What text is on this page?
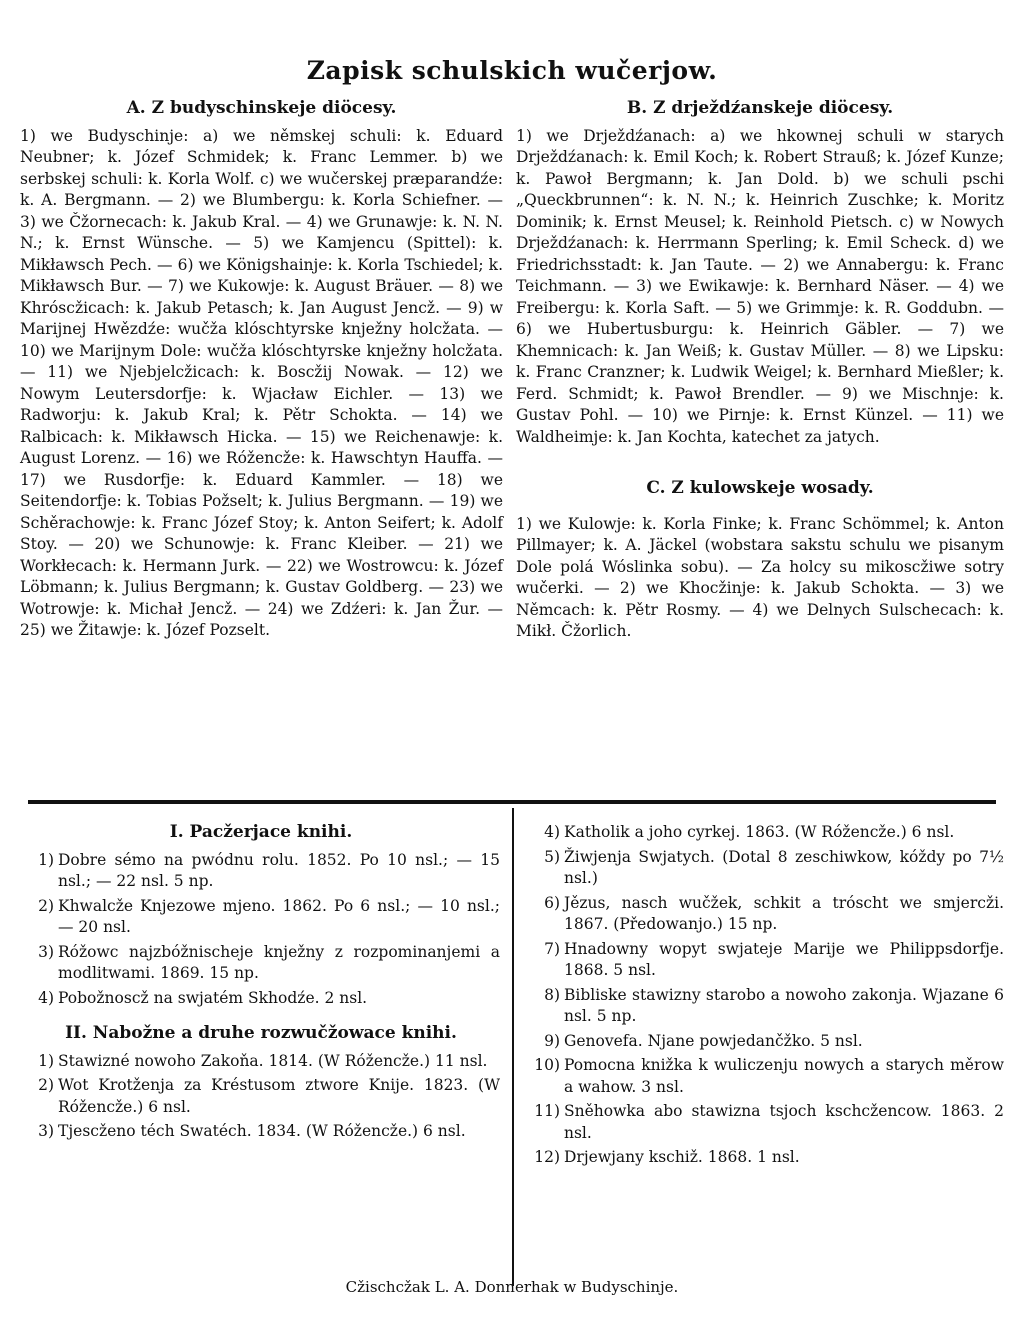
Zapisk schulskich wučerjow.
A. Z budyschinskeje diöcesy.

1) we Budyschinje: a) we němskej schuli: k. Eduard Neubner; k. Józef Schmidek; k. Franc Lemmer. b) we serbskej schuli: k. Korla Wolf. c) we wučerskej præparandźe: k. A. Bergmann. — 2) we Blumbergu: k. Korla Schiefner. — 3) we Čžornecach: k. Jakub Kral. — 4) we Grunawje: k. N. N. N.; k. Ernst Wünsche. — 5) we Kamjencu (Spittel): k. Mikławsch Pech. — 6) we Königshainje: k. Korla Tschiedel; k. Mikławsch Bur. — 7) we Kukowje: k. August Bräuer. — 8) we Khróscžicach: k. Jakub Petasch; k. Jan August Jencž. — 9) w Marijnej Hwězdźe: wučža klóschtyrske knježny holcžata. — 10) we Marijnym Dole: wučža klóschtyrske knježny holcžata. — 11) we Njebjelcžicach: k. Boscžij Nowak. — 12) we Nowym Leutersdorfje: k. Wjacław Eichler. — 13) we Radworju: k. Jakub Kral; k. Pětr Schokta. — 14) we Ralbicach: k. Mikławsch Hicka. — 15) we Reichenawje: k. August Lorenz. — 16) we Róžencže: k. Hawschtyn Hauffa. — 17) we Rusdorfje: k. Eduard Kammler. — 18) we Seitendorfje: k. Tobias Požselt; k. Julius Bergmann. — 19) we Schěrachowje: k. Franc Józef Stoy; k. Anton Seifert; k. Adolf Stoy. — 20) we Schunowje: k. Franc Kleiber. — 21) we Workłecach: k. Hermann Jurk. — 22) we Wostrowcu: k. Józef Löbmann; k. Julius Bergmann; k. Gustav Goldberg. — 23) we Wotrowje: k. Michał Jencž. — 24) we Zdźeri: k. Jan Žur. — 25) we Žitawje: k. Józef Pozselt.

B. Z drježdźanskeje diöcesy.

1) we Drježdźanach: a) we hkownej schuli w starych Drježdźanach: k. Emil Koch; k. Robert Strauß; k. Józef Kunze; k. Pawoł Bergmann; k. Jan Dold. b) we schuli pschi „Queckbrunnen“: k. N. N.; k. Heinrich Zuschke; k. Moritz Dominik; k. Ernst Meusel; k. Reinhold Pietsch. c) w Nowych Drježdźanach: k. Herrmann Sperling; k. Emil Scheck. d) we Friedrichsstadt: k. Jan Taute. — 2) we Annabergu: k. Franc Teichmann. — 3) we Ewikawje: k. Bernhard Näser. — 4) we Freibergu: k. Korla Saft. — 5) we Grimmje: k. R. Goddubn. — 6) we Hubertusburgu: k. Heinrich Gäbler. — 7) we Khemnicach: k. Jan Weiß; k. Gustav Müller. — 8) we Lipsku: k. Franc Cranzner; k. Ludwik Weigel; k. Bernhard Mießler; k. Ferd. Schmidt; k. Pawoł Brendler. — 9) we Mischnje: k. Gustav Pohl. — 10) we Pirnje: k. Ernst Künzel. — 11) we Waldheimje: k. Jan Kochta, katechet za jatych.

C. Z kulowskeje wosady.

1) we Kulowje: k. Korla Finke; k. Franc Schömmel; k. Anton Pillmayer; k. A. Jäckel (wobstara sakstu schulu we pisanym Dole polá Wóslinka sobu). — Za holcy su mikoscžiwe sotry wučerki. — 2) we Khocžinje: k. Jakub Schokta. — 3) we Němcach: k. Pětr Rosmy. — 4) we Delnych Sulschecach: k. Mikł. Čžorlich.

I. Pacžerjace knihi.
1) Dobre sémo na pwódnu rolu. 1852. Po 10 nsl.; — 15 nsl.; — 22 nsl. 5 np.
2) Khwalcže Knjezowe mjeno. 1862. Po 6 nsl.; — 10 nsl.; — 20 nsl.
3) Róžowc najzbóžnischeje knježny z rozpominanjemi a modlitwami. 1869. 15 np.
4) Pobožnoscž na swjatém Skhodźe. 2 nsl.
II. Nabožne a druhe rozwučžowace knihi.
1) Stawizné nowoho Zakoňa. 1814. (W Róžencže.) 11 nsl.
2) Wot Krotženja za Kréstusom ztwore Knije. 1823. (W Róžencže.) 6 nsl.
3) Tjescženo téch Swatéch. 1834. (W Róžencže.) 6 nsl.
4) Katholik a joho cyrkej. 1863. (W Róžencže.) 6 nsl.
5) Žiwjenja Swjatych. (Dotal 8 zeschiwkow, kóždy po 7½ nsl.)
6) Jězus, nasch wučžek, schkit a tróscht we smjercži. 1867. (Předowanjo.) 15 np.
7) Hnadowny wopyt swjateje Marije we Philippsdorfje. 1868. 5 nsl.
8) Bibliske stawizny starobo a nowoho zakonja. Wjazane 6 nsl. 5 np.
9) Genovefa. Njane powjedančžko. 5 nsl.
10) Pomocna knižka k wuliczenju nowych a starych měrow a wahow. 3 nsl.
11) Sněhowka abo stawizna tsjoch kschcžencow. 1863. 2 nsl.
12) Drjewjany kschiž. 1868. 1 nsl.
Cžischcžak L. A. Donnerhak w Budyschinje.
